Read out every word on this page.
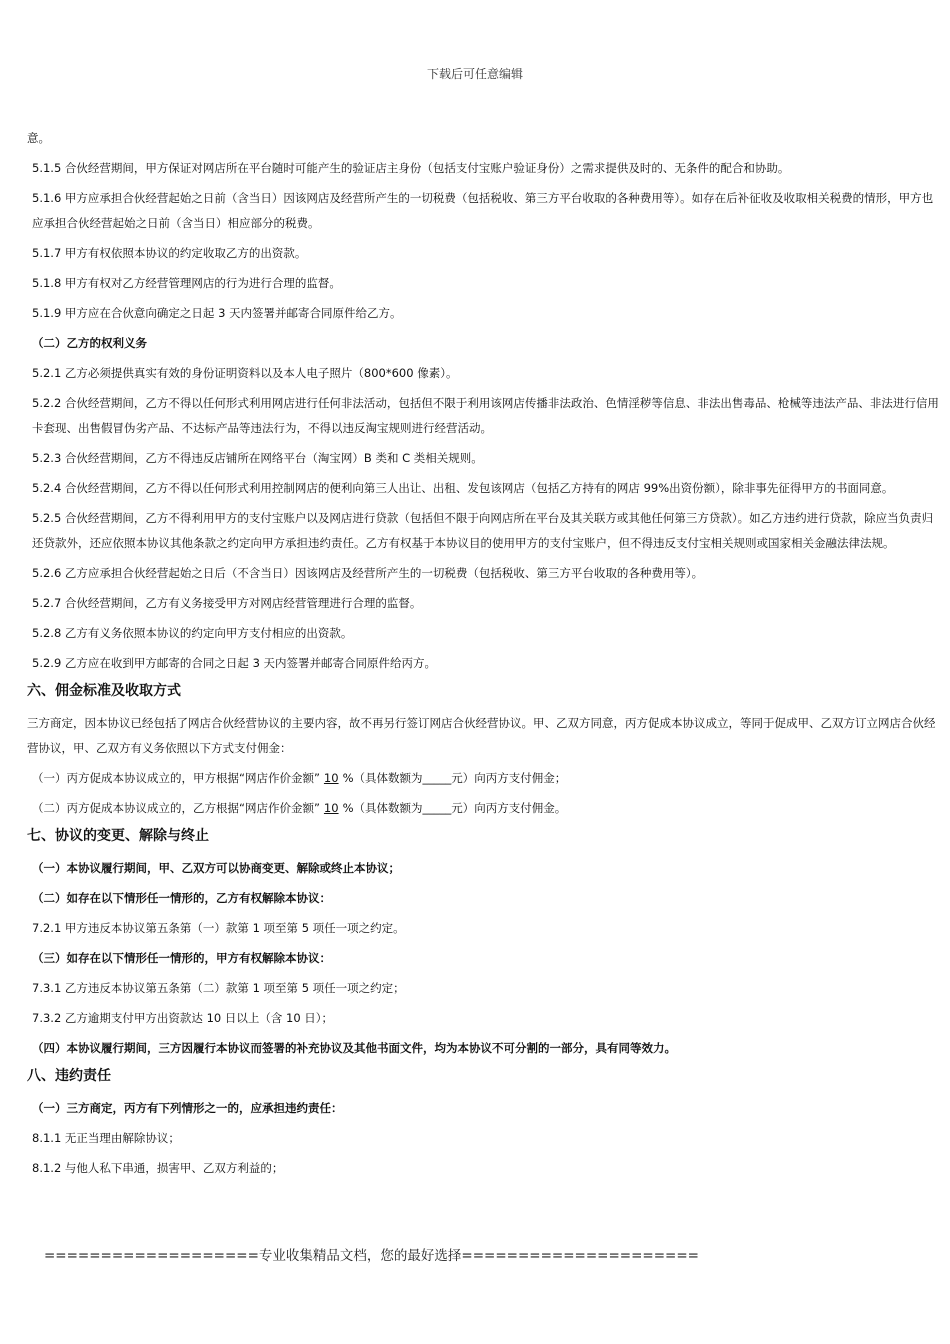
下载后可任意编辑

意。

5.1.5 合伙经营期间，甲方保证对网店所在平台随时可能产生的验证店主身份（包括支付宝账户验证身份）之需求提供及时的、无条件的配合和协助。

5.1.6 甲方应承担合伙经营起始之日前（含当日）因该网店及经营所产生的一切税费（包括税收、第三方平台收取的各种费用等）。如存在后补征收及收取相关税费的情形，甲方也应承担合伙经营起始之日前（含当日）相应部分的税费。

5.1.7 甲方有权依照本协议的约定收取乙方的出资款。

5.1.8 甲方有权对乙方经营管理网店的行为进行合理的监督。

5.1.9 甲方应在合伙意向确定之日起 3 天内签署并邮寄合同原件给乙方。

（二）乙方的权利义务

5.2.1 乙方必须提供真实有效的身份证明资料以及本人电子照片（800*600 像素）。

5.2.2 合伙经营期间，乙方不得以任何形式利用网店进行任何非法活动，包括但不限于利用该网店传播非法政治、色情淫秽等信息、非法出售毒品、枪械等违法产品、非法进行信用卡套现、出售假冒伪劣产品、不达标产品等违法行为，不得以违反淘宝规则进行经营活动。

5.2.3 合伙经营期间，乙方不得违反店铺所在网络平台（淘宝网）B 类和 C 类相关规则。

5.2.4 合伙经营期间，乙方不得以任何形式利用控制网店的便利向第三人出让、出租、发包该网店（包括乙方持有的网店 99%出资份额），除非事先征得甲方的书面同意。

5.2.5 合伙经营期间，乙方不得利用甲方的支付宝账户以及网店进行贷款（包括但不限于向网店所在平台及其关联方或其他任何第三方贷款）。如乙方违约进行贷款，除应当负责归还贷款外，还应依照本协议其他条款之约定向甲方承担违约责任。乙方有权基于本协议目的使用甲方的支付宝账户，但不得违反支付宝相关规则或国家相关金融法律法规。

5.2.6 乙方应承担合伙经营起始之日后（不含当日）因该网店及经营所产生的一切税费（包括税收、第三方平台收取的各种费用等）。

5.2.7 合伙经营期间，乙方有义务接受甲方对网店经营管理进行合理的监督。

5.2.8 乙方有义务依照本协议的约定向甲方支付相应的出资款。

5.2.9 乙方应在收到甲方邮寄的合同之日起 3 天内签署并邮寄合同原件给丙方。

六、佣金标准及收取方式

三方商定，因本协议已经包括了网店合伙经营协议的主要内容，故不再另行签订网店合伙经营协议。甲、乙双方同意，丙方促成本协议成立，等同于促成甲、乙双方订立网店合伙经营协议，甲、乙双方有义务依照以下方式支付佣金：

（一）丙方促成本协议成立的，甲方根据“网店作价金额” 10 %（具体数额为_____元）向丙方支付佣金；

（二）丙方促成本协议成立的，乙方根据“网店作价金额” 10 %（具体数额为_____元）向丙方支付佣金。

七、协议的变更、解除与终止

（一）本协议履行期间，甲、乙双方可以协商变更、解除或终止本协议；

（二）如存在以下情形任一情形的，乙方有权解除本协议：

7.2.1 甲方违反本协议第五条第（一）款第 1 项至第 5 项任一项之约定。

（三）如存在以下情形任一情形的，甲方有权解除本协议：

7.3.1 乙方违反本协议第五条第（二）款第 1 项至第 5 项任一项之约定；

7.3.2 乙方逾期支付甲方出资款达 10 日以上（含 10 日）；

（四）本协议履行期间，三方因履行本协议而签署的补充协议及其他书面文件，均为本协议不可分割的一部分，具有同等效力。

八、违约责任

（一）三方商定，丙方有下列情形之一的，应承担违约责任：

8.1.1 无正当理由解除协议；

8.1.2 与他人私下串通，损害甲、乙双方利益的；

===================专业收集精品文档，您的最好选择=====================
